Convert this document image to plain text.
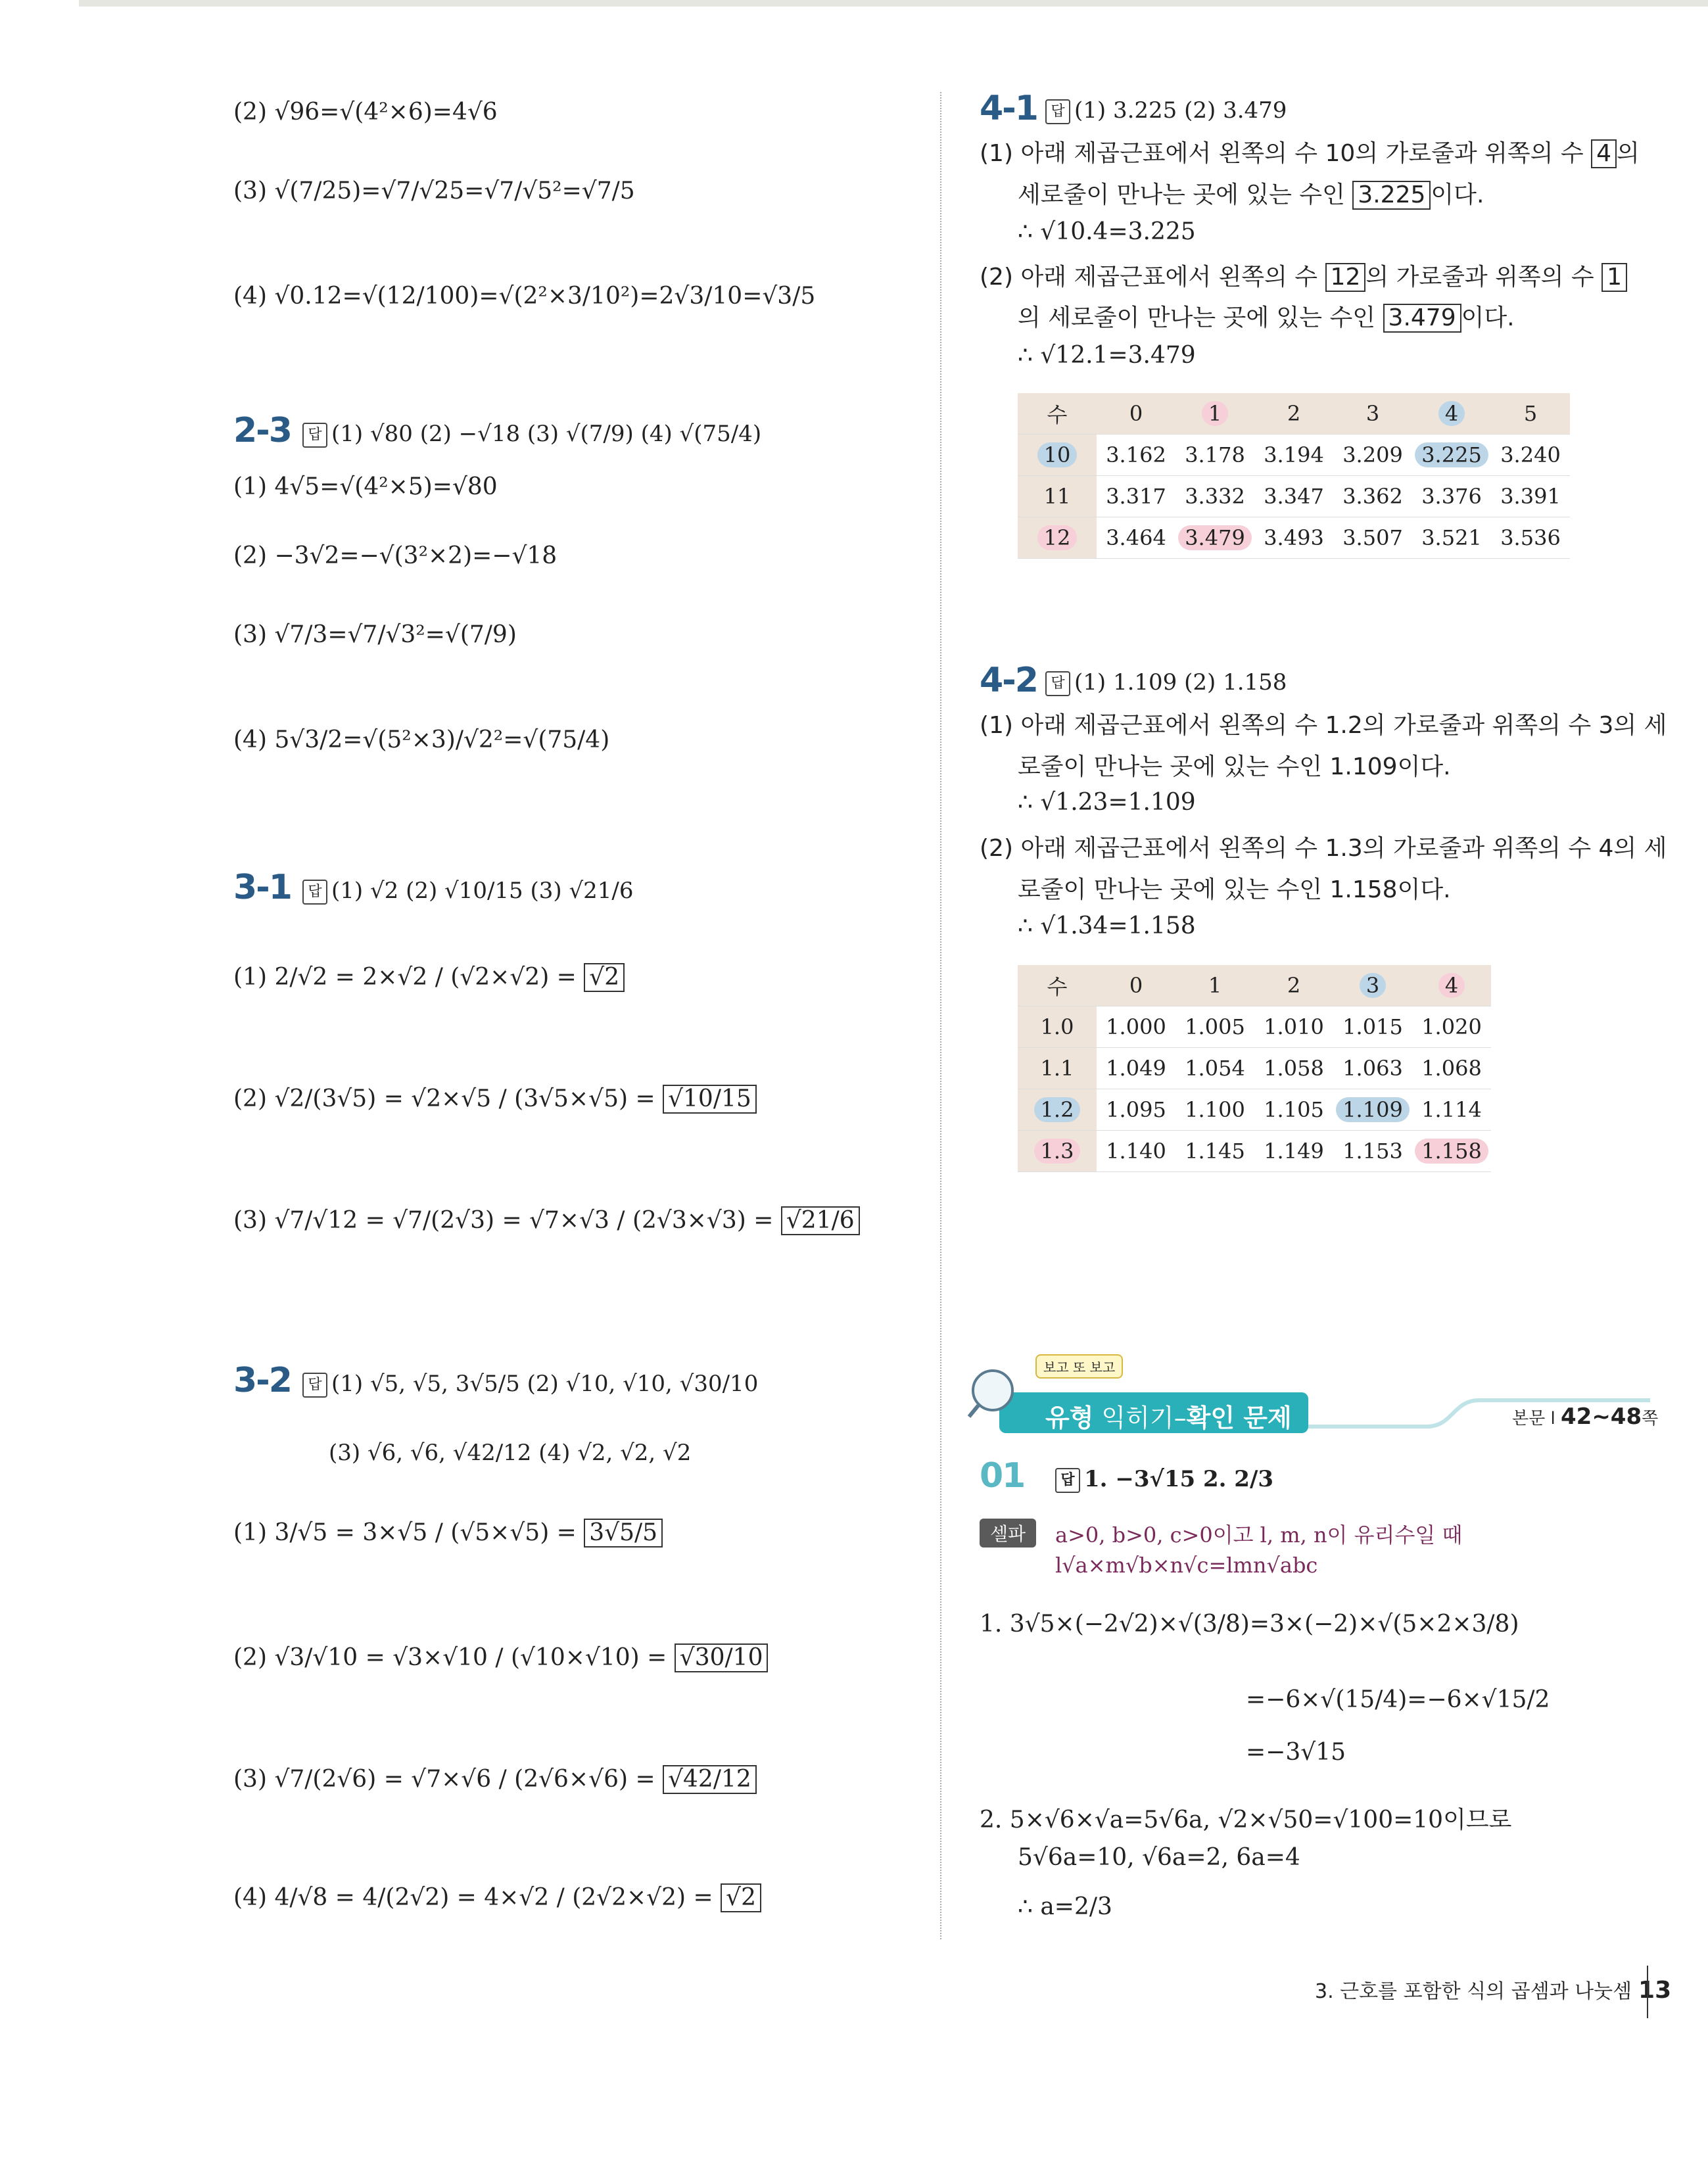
(2) √96=√(4²×6)=4√6
(3) √(7/25)=√7/√25=√7/√5²=√7/5
(4) √0.12=√(12/100)=√(2²×3/10²)=2√3/10=√3/5
2-3	답 (1) √80 (2) −√18 (3) √(7/9) (4) √(75/4)
(1) 4√5=√(4²×5)=√80
(2) −3√2=−√(3²×2)=−√18
(3) √7/3=√7/√3²=√(7/9)
(4) 5√3/2=√(5²×3)/√2²=√(75/4)
3-1	답 (1) √2 (2) √10/15 (3) √21/6
(1) 2/√2 = 2×√2 / (√2×√2) = √2
(2) √2/(3√5) = √2×√5 / (3√5×√5) = √10/15
(3) √7/√12 = √7/(2√3) = √7×√3 / (2√3×√3) = √21/6
3-2	답 (1) √5, √5, 3√5/5 (2) √10, √10, √30/10
(3) √6, √6, √42/12 (4) √2, √2, √2
(1) 3/√5 = 3×√5 / (√5×√5) = 3√5/5
(2) √3/√10 = √3×√10 / (√10×√10) = √30/10
(3) √7/(2√6) = √7×√6 / (2√6×√6) = √42/12
(4) 4/√8 = 4/(2√2) = 4×√2 / (2√2×√2) = √2
4-1 답 (1) 3.225 (2) 3.479
(1) 아래 제곱근표에서 왼쪽의 수 10의 가로줄과 위쪽의 수 4 의
세로줄이 만나는 곳에 있는 수인 3.225 이다.
∴ √10.4=3.225
(2) 아래 제곱근표에서 왼쪽의 수 12 의 가로줄과 위쪽의 수 1
의 세로줄이 만나는 곳에 있는 수인 3.479 이다.
∴ √12.1=3.479
수	0	1	2	3	4	5
10	3.162	3.178	3.194	3.209	3.225	3.240
11	3.317	3.332	3.347	3.362	3.376	3.391
12	3.464	3.479	3.493	3.507	3.521	3.536
4-2 답 (1) 1.109 (2) 1.158
(1) 아래 제곱근표에서 왼쪽의 수 1.2의 가로줄과 위쪽의 수 3의 세
로줄이 만나는 곳에 있는 수인 1.109이다.
∴ √1.23=1.109
(2) 아래 제곱근표에서 왼쪽의 수 1.3의 가로줄과 위쪽의 수 4의 세
로줄이 만나는 곳에 있는 수인 1.158이다.
∴ √1.34=1.158
수	0	1	2	3	4
1.0	1.000	1.005	1.010	1.015	1.020
1.1	1.049	1.054	1.058	1.063	1.068
1.2	1.095	1.100	1.105	1.109	1.114
1.3	1.140	1.145	1.149	1.153	1.158
보고 또 보고
유형 익히기–확인 문제	본문 l 42~48쪽
01	답 1. −3√15 2. 2/3
셀파	a>0, b>0, c>0이고 l, m, n이 유리수일 때
l√a×m√b×n√c=lmn√abc
1. 3√5×(−2√2)×√(3/8)=3×(−2)×√(5×2×3/8)
=−6×√(15/4)=−6×√15/2
=−3√15
2. 5×√6×√a=5√6a, √2×√50=√100=10이므로
5√6a=10, √6a=2, 6a=4
∴ a=2/3
3. 근호를 포함한 식의 곱셈과 나눗셈 13
